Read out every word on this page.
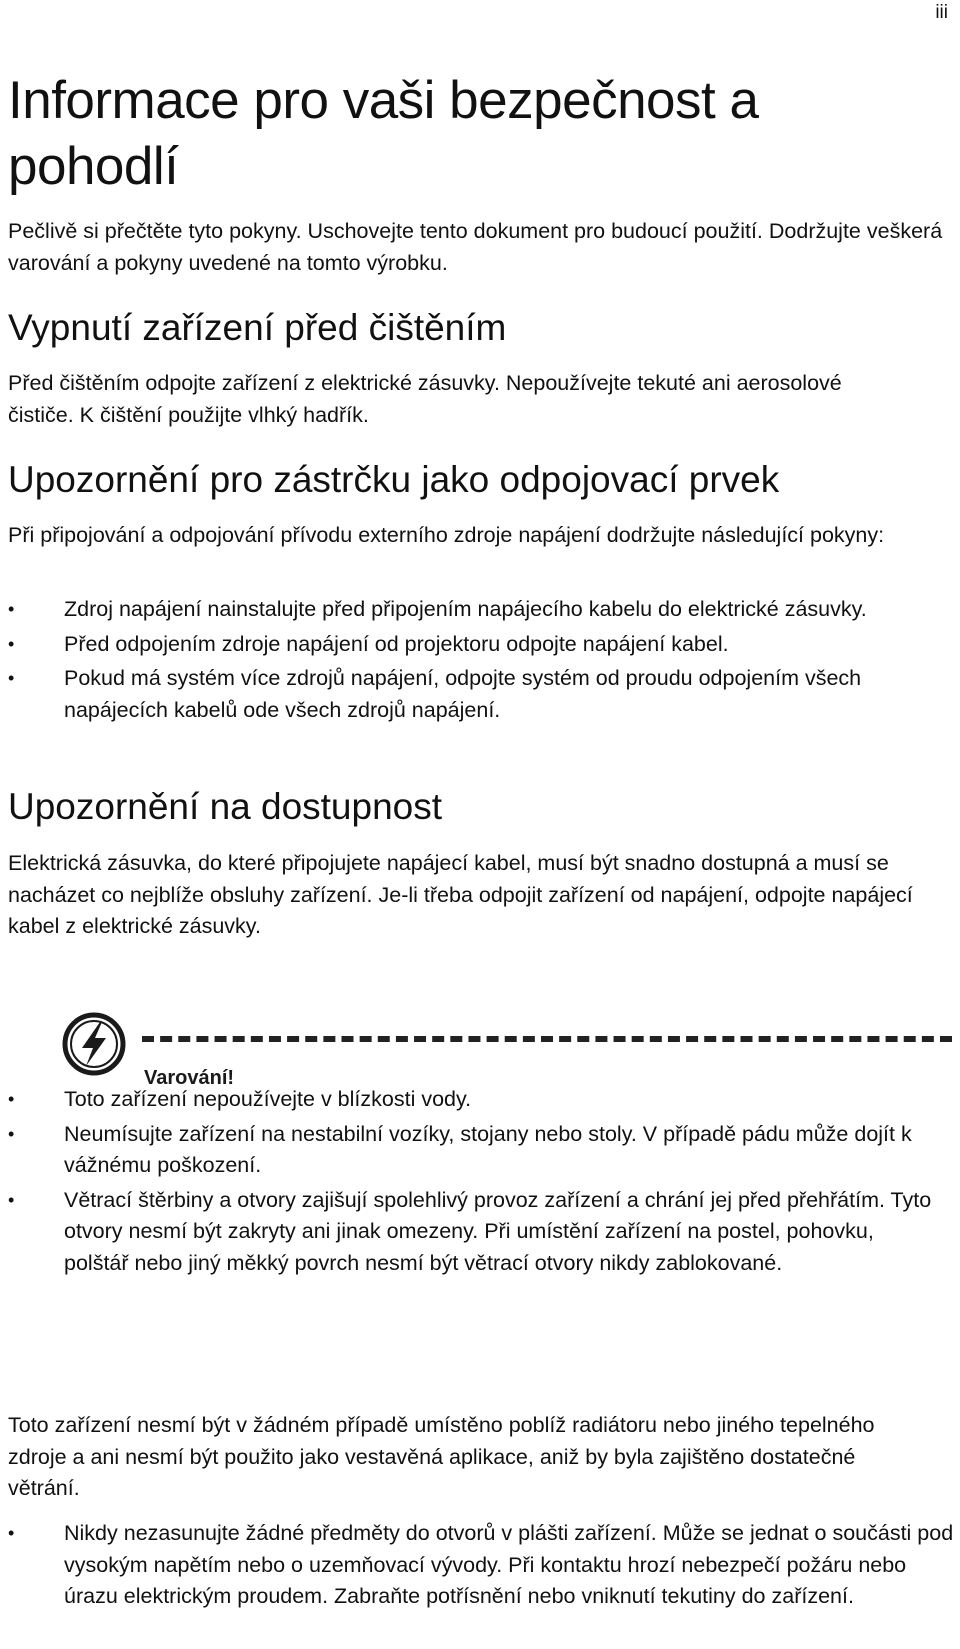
iii
Informace pro vaši bezpečnost a pohodlí

Pečlivě si přečtěte tyto pokyny. Uschovejte tento dokument pro budoucí použití. Dodržujte veškerá varování a pokyny uvedené na tomto výrobku.

Vypnutí zařízení před čištěním

Před čištěním odpojte zařízení z elektrické zásuvky. Nepoužívejte tekuté ani aerosolové čističe. K čištění použijte vlhký hadřík.

Upozornění pro zástrčku jako odpojovací prvek

Při připojování a odpojování přívodu externího zdroje napájení dodržujte následující pokyny:

•	Zdroj napájení nainstalujte před připojením napájecího kabelu do elektrické zásuvky.
•	Před odpojením zdroje napájení od projektoru odpojte napájení kabel.
•	Pokud má systém více zdrojů napájení, odpojte systém od proudu odpojením všech napájecích kabelů ode všech zdrojů napájení.
Upozornění na dostupnost

Elektrická zásuvka, do které připojujete napájecí kabel, musí být snadno dostupná a musí se nacházet co nejblíže obsluhy zařízení. Je-li třeba odpojit zařízení od napájení, odpojte napájecí kabel z elektrické zásuvky.

Varování!
•	Toto zařízení nepoužívejte v blízkosti vody.
•	Neumísujte zařízení na nestabilní vozíky, stojany nebo stoly. V případě pádu může dojít k vážnému poškození.
•	Větrací štěrbiny a otvory zajišují spolehlivý provoz zařízení a chrání jej před přehřátím. Tyto otvory nesmí být zakryty ani jinak omezeny. Při umístění zařízení na postel, pohovku, polštář nebo jiný měkký povrch nesmí být větrací otvory nikdy zablokované.

Toto zařízení nesmí být v žádném případě umístěno poblíž radiátoru nebo jiného tepelného zdroje a ani nesmí být použito jako vestavěná aplikace, aniž by byla zajištěno dostatečné větrání.

•	Nikdy nezasunujte žádné předměty do otvorů v plášti zařízení. Může se jednat o součásti pod vysokým napětím nebo o uzemňovací vývody. Při kontaktu hrozí nebezpečí požáru nebo úrazu elektrickým proudem. Zabraňte potřísnění nebo vniknutí tekutiny do zařízení.
